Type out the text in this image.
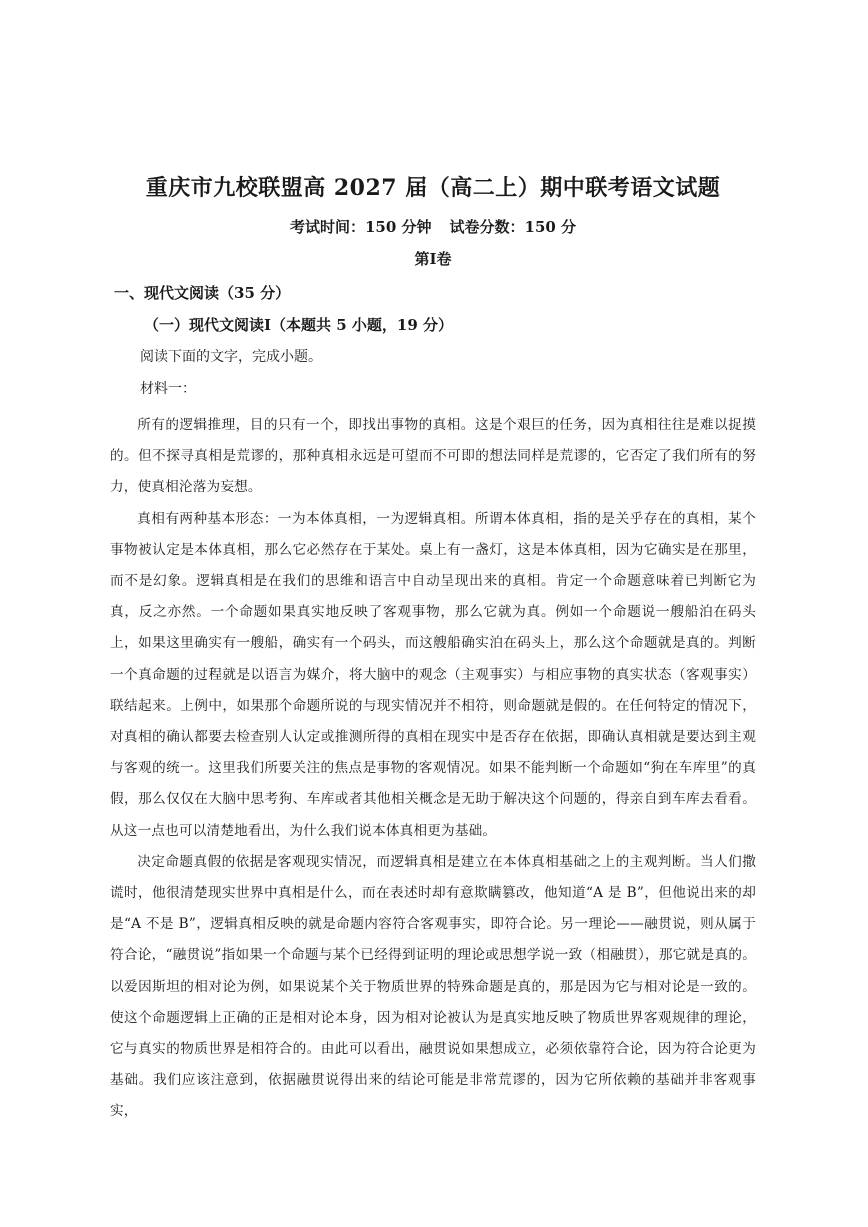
重庆市九校联盟高 2027 届（高二上）期中联考语文试题
考试时间：150 分钟 试卷分数：150 分
第Ⅰ卷
一、现代文阅读（35 分）
（一）现代文阅读Ⅰ（本题共 5 小题，19 分）
阅读下面的文字，完成小题。
材料一：

所有的逻辑推理，目的只有一个，即找出事物的真相。这是个艰巨的任务，因为真相往往是难以捉摸的。但不探寻真相是荒谬的，那种真相永远是可望而不可即的想法同样是荒谬的，它否定了我们所有的努力，使真相沦落为妄想。

真相有两种基本形态：一为本体真相，一为逻辑真相。所谓本体真相，指的是关乎存在的真相，某个事物被认定是本体真相，那么它必然存在于某处。桌上有一盏灯，这是本体真相，因为它确实是在那里，而不是幻象。逻辑真相是在我们的思维和语言中自动呈现出来的真相。肯定一个命题意味着已判断它为真，反之亦然。一个命题如果真实地反映了客观事物，那么它就为真。例如一个命题说一艘船泊在码头上，如果这里确实有一艘船，确实有一个码头，而这艘船确实泊在码头上，那么这个命题就是真的。判断一个真命题的过程就是以语言为媒介，将大脑中的观念（主观事实）与相应事物的真实状态（客观事实）联结起来。上例中，如果那个命题所说的与现实情况并不相符，则命题就是假的。在任何特定的情况下，对真相的确认都要去检查别人认定或推测所得的真相在现实中是否存在依据，即确认真相就是要达到主观与客观的统一。这里我们所要关注的焦点是事物的客观情况。如果不能判断一个命题如“狗在车库里”的真假，那么仅仅在大脑中思考狗、车库或者其他相关概念是无助于解决这个问题的，得亲自到车库去看看。从这一点也可以清楚地看出，为什么我们说本体真相更为基础。

决定命题真假的依据是客观现实情况，而逻辑真相是建立在本体真相基础之上的主观判断。当人们撒谎时，他很清楚现实世界中真相是什么，而在表述时却有意欺瞒篡改，他知道“A 是 B”，但他说出来的却是“A 不是 B”，逻辑真相反映的就是命题内容符合客观事实，即符合论。另一理论——融贯说，则从属于符合论，“融贯说”指如果一个命题与某个已经得到证明的理论或思想学说一致（相融贯），那它就是真的。以爱因斯坦的相对论为例，如果说某个关于物质世界的特殊命题是真的，那是因为它与相对论是一致的。使这个命题逻辑上正确的正是相对论本身，因为相对论被认为是真实地反映了物质世界客观规律的理论，它与真实的物质世界是相符合的。由此可以看出，融贯说如果想成立，必须依靠符合论，因为符合论更为基础。我们应该注意到，依据融贯说得出来的结论可能是非常荒谬的，因为它所依赖的基础并非客观事实，
